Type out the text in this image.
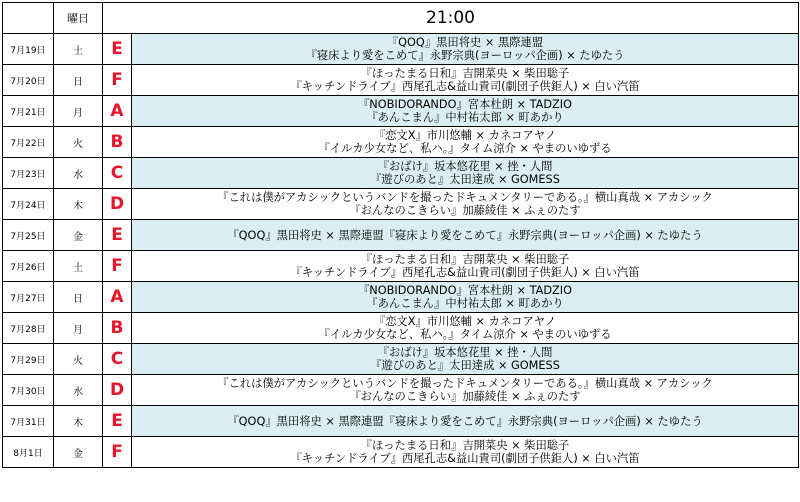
	曜日	21:00	
7月19日	土	E	『QOQ』黒田将史 × 黒際連盟
『寝床より愛をこめて』永野宗典(ヨーロッパ企画) × たゆたう

7月20日	日	F	『ほったまる日和』吉開菜央 × 柴田聡子
『キッチンドライブ』西尾孔志&益山貴司(劇団子供鉅人) × 白い汽笛

7月21日	月	A	『NOBIDORANDO』宮本杜朗 × TADZIO
『あんこまん』中村祐太郎 × 町あかり

7月22日	火	B	『恋文X』市川悠輔 × カネコアヤノ
『イルカ少女など、私ハ。』タイム涼介 × やまのいゆずる

7月23日	水	C	『おばけ』坂本悠花里 × 挫・人間
『遊びのあと』太田達成 × GOMESS

7月24日	木	D	『これは僕がアカシックというバンドを撮ったドキュメンタリーである。』横山真哉 × アカシック
『おんなのこきらい』加藤綾佳 × ふぇのたす

7月25日	金	E	『QOQ』黒田将史 × 黒際連盟『寝床より愛をこめて』永野宗典(ヨーロッパ企画) × たゆたう

7月26日	土	F	『ほったまる日和』吉開菜央 × 柴田聡子
『キッチンドライブ』西尾孔志&益山貴司(劇団子供鉅人) × 白い汽笛

7月27日	日	A	『NOBIDORANDO』宮本杜朗 × TADZIO
『あんこまん』中村祐太郎 × 町あかり

7月28日	月	B	『恋文X』市川悠輔 × カネコアヤノ
『イルカ少女など、私ハ。』タイム涼介 × やまのいゆずる

7月29日	火	C	『おばけ』坂本悠花里 × 挫・人間
『遊びのあと』太田達成 × GOMESS

7月30日	水	D	『これは僕がアカシックというバンドを撮ったドキュメンタリーである。』横山真哉 × アカシック
『おんなのこきらい』加藤綾佳 × ふぇのたす

7月31日	木	E	『QOQ』黒田将史 × 黒際連盟『寝床より愛をこめて』永野宗典(ヨーロッパ企画) × たゆたう

8月1日	金	F	『ほったまる日和』吉開菜央 × 柴田聡子
『キッチンドライブ』西尾孔志&益山貴司(劇団子供鉅人) × 白い汽笛
